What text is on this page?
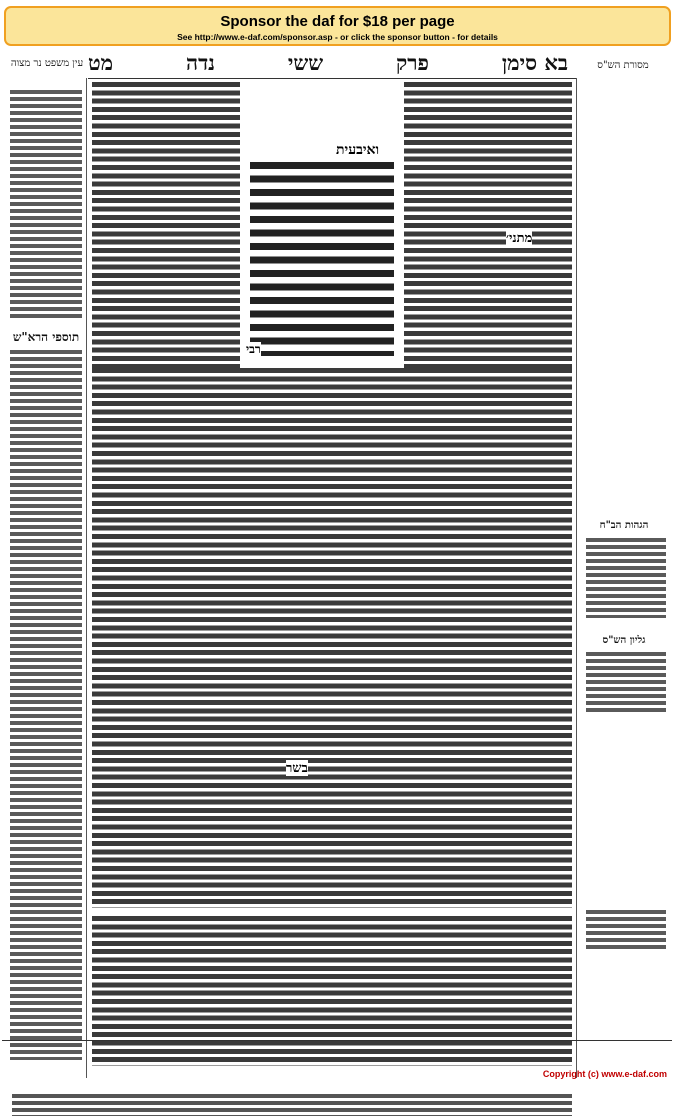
Sponsor the daf for $18 per page
See http://www.e-daf.com/sponsor.asp - or click the sponsor button - for details
בא סימן
פרק
ששי
נדה
מט	מסורת הש"ס
עין משפט נר מצוה
ואיבעית
רבי
מתני׳
בשר
תוספי הרא"ש
הגהות הב"ח
גליון הש"ס
Copyright (c) www.e-daf.com
